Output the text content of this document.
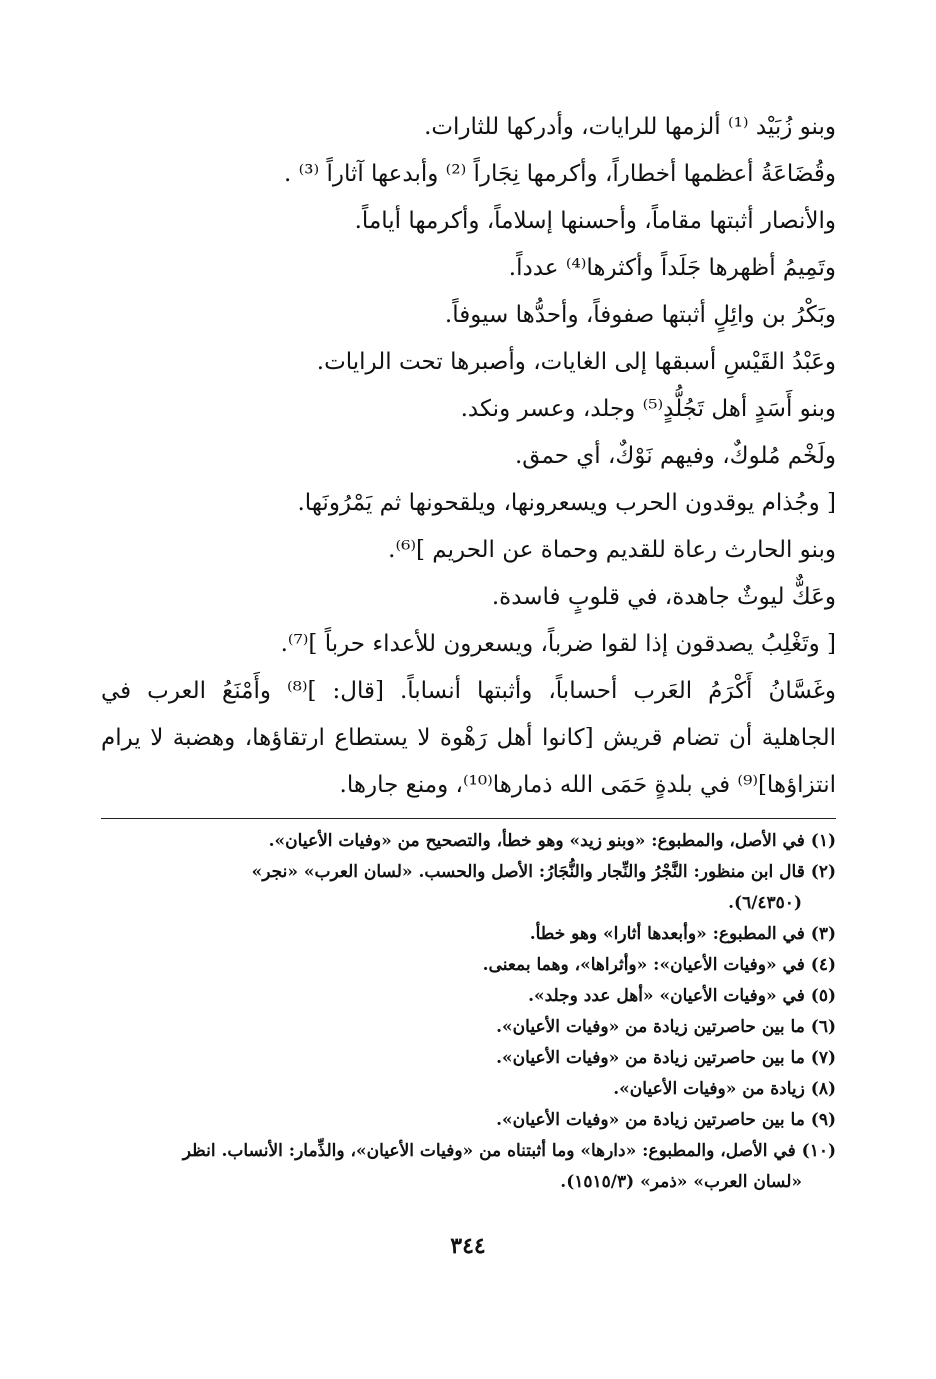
وبنو زُبَيْد ⁽¹⁾ ألزمها للرايات، وأدركها للثارات.
وقُضَاعَةُ أعظمها أخطاراً، وأكرمها نِجَاراً ⁽²⁾ وأبدعها آثاراً ⁽³⁾ .
والأنصار أثبتها مقاماً، وأحسنها إسلاماً، وأكرمها أياماً.
وتَمِيمُ أظهرها جَلَداً وأكثرها⁽⁴⁾ عدداً.
وبَكْرُ بن وائِلٍ أثبتها صفوفاً، وأحدُّها سيوفاً.
وعَبْدُ القَيْسِ أسبقها إلى الغايات، وأصبرها تحت الرايات.
وبنو أَسَدٍ أهل تَجُلُّدٍ⁽⁵⁾ وجلد، وعسر ونكد.
ولَخْم مُلوكٌ، وفيهم نَوْكٌ، أي حمق.
[ وجُذام يوقدون الحرب ويسعرونها، ويلقحونها ثم يَمْرُونَها.
وبنو الحارث رعاة للقديم وحماة عن الحريم ]⁽⁶⁾.
وعَكٌّ ليوثٌ جاهدة، في قلوبٍ فاسدة.
[ وتَغْلِبُ يصدقون إذا لقوا ضرباً، ويسعرون للأعداء حرباً ]⁽⁷⁾.
وغَسَّانُ أَكْرَمُ العَرب أحساباً، وأثبتها أنساباً. [قال: ]⁽⁸⁾ وأَمْنَعُ العرب في
الجاهلية أن تضام قريش [كانوا أهل رَهْوة لا يستطاع ارتقاؤها، وهضبة لا يرام
انتزاؤها]⁽⁹⁾ في بلدةٍ حَمَى الله ذمارها⁽¹⁰⁾، ومنع جارها.
(١) في الأصل، والمطبوع: «وبنو زيد» وهو خطأ، والتصحيح من «وفيات الأعيان».
(٢) قال ابن منظور: النَّجْرُ والنِّجار والنُّجَارُ: الأصل والحسب. «لسان العرب» «نجر»
(٦/٤٣٥٠).
(٣) في المطبوع: «وأبعدها أثارا» وهو خطأ.
(٤) في «وفيات الأعيان»: «وأثراها»، وهما بمعنى.
(٥) في «وفيات الأعيان» «أهل عدد وجلد».
(٦) ما بين حاصرتين زيادة من «وفيات الأعيان».
(٧) ما بين حاصرتين زيادة من «وفيات الأعيان».
(٨) زيادة من «وفيات الأعيان».
(٩) ما بين حاصرتين زيادة من «وفيات الأعيان».
(١٠) في الأصل، والمطبوع: «دارها» وما أثبتناه من «وفيات الأعيان»، والذِّمار: الأنساب. انظر
«لسان العرب» «ذمر» (١٥١٥/٣).
٣٤٤
